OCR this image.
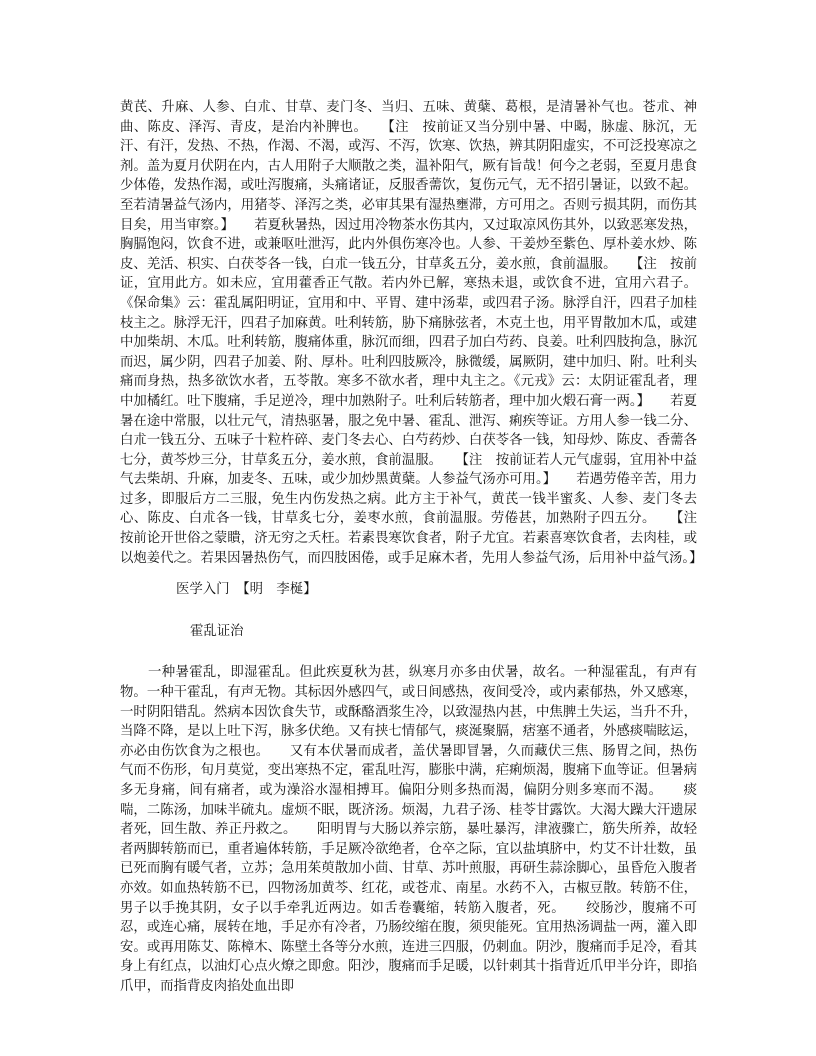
黄芪、升麻、人参、白朮、甘草、麦门冬、当归、五味、黄蘖、葛根，是清暑补气也。苍朮、神曲、陈皮、泽泻、青皮，是治内补脾也。　　【注　按前证又当分别中暑、中暍，脉虚、脉沉，无汗、有汗，发热、不热，作渴、不渴，或泻、不泻，饮寒、饮热，辨其阴阳虚实，不可泛投寒凉之剂。盖为夏月伏阴在内，古人用附子大顺散之类，温补阳气，厥有旨哉！何今之老弱，至夏月患食少体倦，发热作渴，或吐泻腹痛，头痛诸证，反服香薷饮，复伤元气，无不招引暑证，以致不起。至若清暑益气汤内，用猪苓、泽泻之类，必审其果有湿热壅滞，方可用之。否则亏损其阴，而伤其目矣，用当审察。】　　若夏秋暑热，因过用冷物茶水伤其内，又过取凉风伤其外，以致恶寒发热，胸膈饱闷，饮食不进，或兼呕吐泄泻，此内外俱伤寒冷也。人参、干姜炒至紫色、厚朴姜水炒、陈皮、羌活、枳实、白茯苓各一钱，白朮一钱五分，甘草炙五分，姜水煎，食前温服。　　【注　按前证，宜用此方。如未应，宜用藿香正气散。若内外已解，寒热未退，或饮食不进，宜用六君子。《保命集》云：霍乱属阳明证，宜用和中、平胃、建中汤辈，或四君子汤。脉浮自汗，四君子加桂枝主之。脉浮无汗，四君子加麻黄。吐利转筋，胁下痛脉弦者，木克土也，用平胃散加木瓜，或建中加柴胡、木瓜。吐利转筋，腹痛体重，脉沉而细，四君子加白芍药、良姜。吐利四肢拘急，脉沉而迟，属少阴，四君子加姜、附、厚朴。吐利四肢厥冷，脉微缓，属厥阴，建中加归、附。吐利头痛而身热，热多欲饮水者，五苓散。寒多不欲水者，理中丸主之。《元戎》云：太阴证霍乱者，理中加橘红。吐下腹痛，手足逆冷，理中加熟附子。吐利后转筋者，理中加火煅石膏一两。】　　若夏暑在途中常服，以壮元气，清热驱暑，服之免中暑、霍乱、泄泻、痢疾等证。方用人参一钱二分、白朮一钱五分、五味子十粒杵碎、麦门冬去心、白芍药炒、白茯苓各一钱，知母炒、陈皮、香薷各七分，黄芩炒三分，甘草炙五分，姜水煎，食前温服。　　【注　按前证若人元气虚弱，宜用补中益气去柴胡、升麻，加麦冬、五味，或少加炒黑黄蘖。人参益气汤亦可用。】　　若遇劳倦辛苦，用力过多，即服后方二三服，免生内伤发热之病。此方主于补气，黄芪一钱半蜜炙、人参、麦门冬去心、陈皮、白朮各一钱，甘草炙七分，姜枣水煎，食前温服。劳倦甚，加熟附子四五分。　　【注　按前论开世俗之蒙瞶，济无穷之夭枉。若素畏寒饮食者，附子尤宜。若素喜寒饮食者，去肉桂，或以炮姜代之。若果因暑热伤气，而四肢困倦，或手足麻木者，先用人参益气汤，后用补中益气汤。】

医学入门　【明　李梴】

霍乱证治

一种暑霍乱，即湿霍乱。但此疾夏秋为甚，纵寒月亦多由伏暑，故名。一种湿霍乱，有声有物。一种干霍乱，有声无物。其标因外感四气，或日间感热，夜间受冷，或内素郁热，外又感寒，一时阴阳错乱。然病本因饮食失节，或酥酪酒浆生冷，以致湿热内甚，中焦脾土失运，当升不升，当降不降，是以上吐下泻，脉多伏绝。又有挟七情郁气，痰涎聚膈，痞塞不通者，外感痰喘眩运，亦必由伤饮食为之根也。　　又有本伏暑而成者，盖伏暑即冒暑，久而藏伏三焦、肠胃之间，热伤气而不伤形，旬月莫觉，变出寒热不定，霍乱吐泻，膨胀中满，疟痢烦渴，腹痛下血等证。但暑病多无身痛，间有痛者，或为澡浴水湿相搏耳。偏阳分则多热而渴，偏阴分则多寒而不渴。　　痰喘，二陈汤，加味半硫丸。虚烦不眠，既济汤。烦渴，九君子汤、桂苓甘露饮。大渴大躁大汗遗尿者死，回生散、养正丹救之。　　阳明胃与大肠以养宗筋，暴吐暴泻，津液骤亡，筋失所养，故轻者两脚转筋而已，重者遍体转筋，手足厥冷欲绝者，仓卒之际，宜以盐填脐中，灼艾不计壮数，虽已死而胸有暖气者，立苏；急用茱萸散加小茴、甘草、苏叶煎服，再研生蒜涂脚心，虽昏危入腹者亦效。如血热转筋不已，四物汤加黄芩、红花，或苍朮、南星。水药不入，古椒豆散。转筋不住，男子以手挽其阴，女子以手牵乳近两边。如舌卷囊缩，转筋入腹者，死。　　绞肠沙，腹痛不可忍，或连心痛，展转在地，手足亦有冷者，乃肠绞缩在腹，须臾能死。宜用热汤调盐一两，灌入即安。或再用陈艾、陈樟木、陈壁土各等分水煎，连进三四服，仍刺血。阴沙，腹痛而手足冷，看其身上有红点，以油灯心点火燎之即愈。阳沙，腹痛而手足暖，以针刺其十指背近爪甲半分许，即掐爪甲，而指背皮肉掐处血出即
